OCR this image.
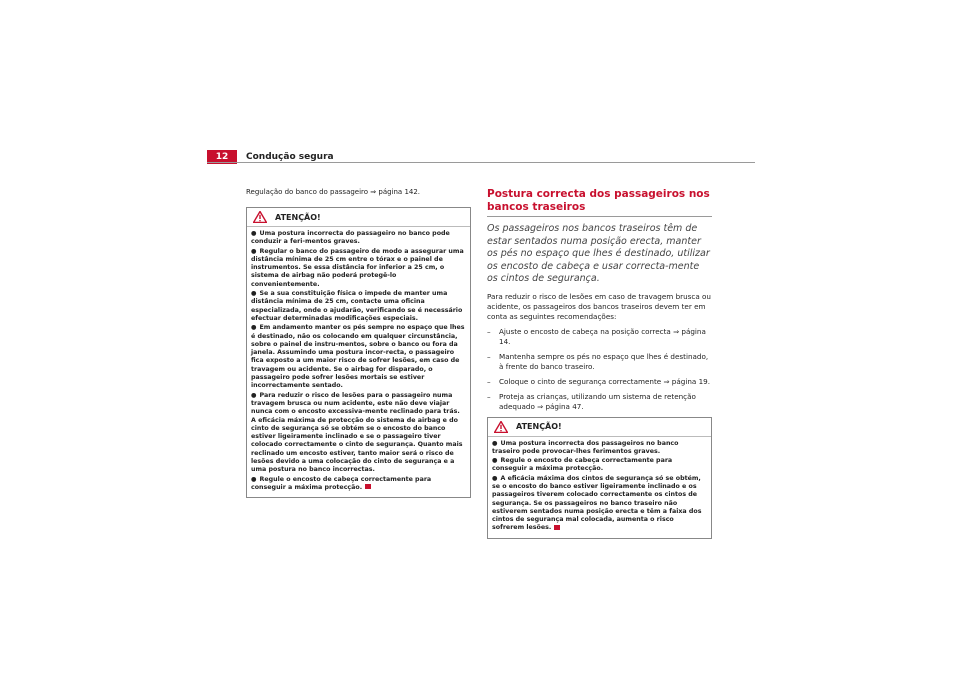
12	Condução segura

Regulação do banco do passageiro ⇒ página 142.

ATENÇÃO!

● Uma postura incorrecta do passageiro no banco pode conduzir a feri-mentos graves.

● Regular o banco do passageiro de modo a assegurar uma distância mínima de 25 cm entre o tórax e o painel de instrumentos. Se essa distância for inferior a 25 cm, o sistema de airbag não poderá protegê-lo convenientemente.

● Se a sua constituição física o impede de manter uma distância mínima de 25 cm, contacte uma oficina especializada, onde o ajudarão, verificando se é necessário efectuar determinadas modificações especiais.

● Em andamento manter os pés sempre no espaço que lhes é destinado, não os colocando em qualquer circunstância, sobre o painel de instru-mentos, sobre o banco ou fora da janela. Assumindo uma postura incor-recta, o passageiro fica exposto a um maior risco de sofrer lesões, em caso de travagem ou acidente. Se o airbag for disparado, o passageiro pode sofrer lesões mortais se estiver incorrectamente sentado.

● Para reduzir o risco de lesões para o passageiro numa travagem brusca ou num acidente, este não deve viajar nunca com o encosto excessiva-mente reclinado para trás. A eficácia máxima de protecção do sistema de airbag e do cinto de segurança só se obtém se o encosto do banco estiver ligeiramente inclinado e se o passageiro tiver colocado correctamente o cinto de segurança. Quanto mais reclinado um encosto estiver, tanto maior será o risco de lesões devido a uma colocação do cinto de segurança e a uma postura no banco incorrectas.

● Regule o encosto de cabeça correctamente para conseguir a máxima protecção.

Postura correcta dos passageiros nos bancos traseiros

Os passageiros nos bancos traseiros têm de estar sentados numa posição erecta, manter os pés no espaço que lhes é destinado, utilizar os encosto de cabeça e usar correcta-mente os cintos de segurança.

Para reduzir o risco de lesões em caso de travagem brusca ou acidente, os passageiros dos bancos traseiros devem ter em conta as seguintes recomendações:

– Ajuste o encosto de cabeça na posição correcta ⇒ página 14.
– Mantenha sempre os pés no espaço que lhes é destinado, à frente do banco traseiro.
– Coloque o cinto de segurança correctamente ⇒ página 19.
– Proteja as crianças, utilizando um sistema de retenção adequado ⇒ página 47.
ATENÇÃO!

● Uma postura incorrecta dos passageiros no banco traseiro pode provocar-lhes ferimentos graves.

● Regule o encosto de cabeça correctamente para conseguir a máxima protecção.

● A eficácia máxima dos cintos de segurança só se obtém, se o encosto do banco estiver ligeiramente inclinado e os passageiros tiverem colocado correctamente os cintos de segurança. Se os passageiros no banco traseiro não estiverem sentados numa posição erecta e têm a faixa dos cintos de segurança mal colocada, aumenta o risco sofrerem lesões.
